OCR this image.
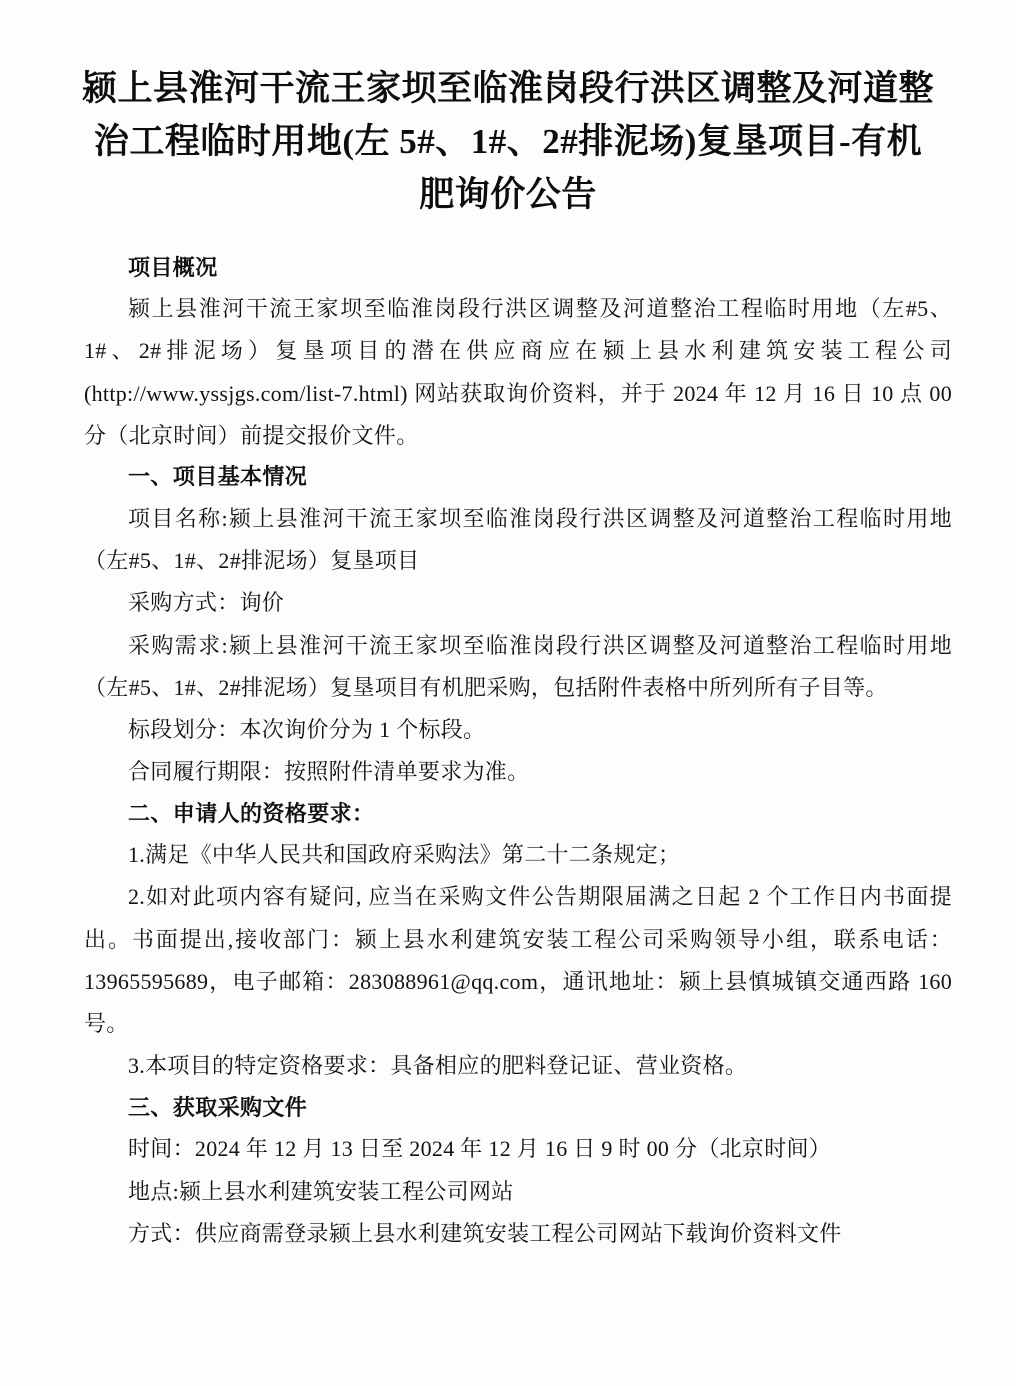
颍上县淮河干流王家坝至临淮岗段行洪区调整及河道整治工程临时用地(左 5#、1#、2#排泥场)复垦项目-有机肥询价公告

项目概况

颍上县淮河干流王家坝至临淮岗段行洪区调整及河道整治工程临时用地（左#5、1#、2#排泥场）复垦项目的潜在供应商应在颍上县水利建筑安装工程公司(http://www.yssjgs.com/list-7.html) 网站获取询价资料，并于 2024 年 12 月 16 日 10 点 00 分（北京时间）前提交报价文件。

一、项目基本情况

项目名称:颍上县淮河干流王家坝至临淮岗段行洪区调整及河道整治工程临时用地（左#5、1#、2#排泥场）复垦项目

采购方式：询价

采购需求:颍上县淮河干流王家坝至临淮岗段行洪区调整及河道整治工程临时用地（左#5、1#、2#排泥场）复垦项目有机肥采购，包括附件表格中所列所有子目等。

标段划分：本次询价分为 1 个标段。

合同履行期限：按照附件清单要求为准。

二、申请人的资格要求：

1.满足《中华人民共和国政府采购法》第二十二条规定；

2.如对此项内容有疑问, 应当在采购文件公告期限届满之日起 2 个工作日内书面提出。书面提出,接收部门：颍上县水利建筑安装工程公司采购领导小组，联系电话：13965595689，电子邮箱：283088961@qq.com，通讯地址：颍上县慎城镇交通西路 160 号。

3.本项目的特定资格要求：具备相应的肥料登记证、营业资格。

三、获取采购文件

时间：2024 年 12 月 13 日至 2024 年 12 月 16 日 9 时 00 分（北京时间）

地点:颍上县水利建筑安装工程公司网站

方式：供应商需登录颍上县水利建筑安装工程公司网站下载询价资料文件
